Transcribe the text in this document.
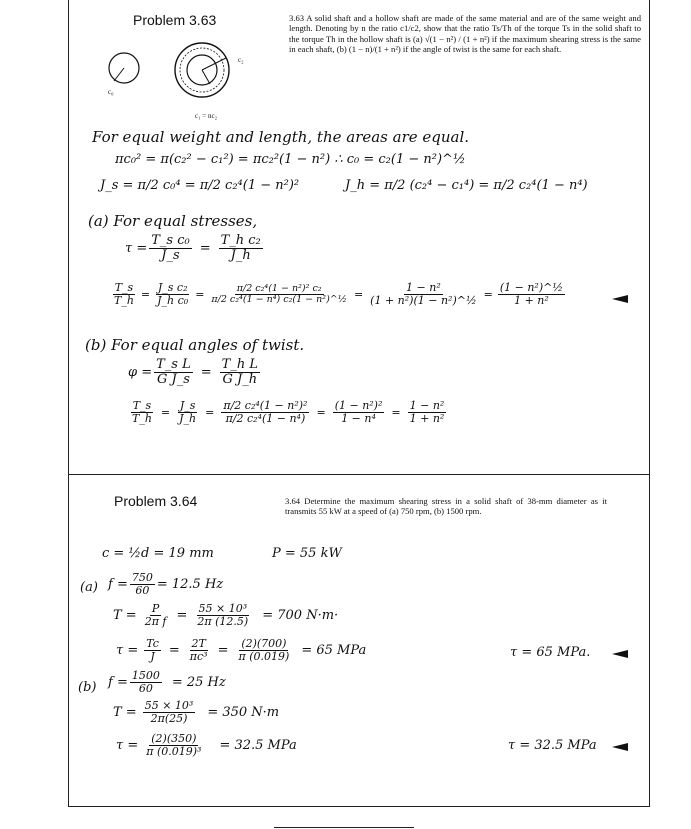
Problem 3.63	3.63 A solid shaft and a hollow shaft are made of the same material and are of the same weight and length. Denoting by n the ratio c1/c2, show that the ratio Ts/Th of the torque Ts in the solid shaft to the torque Th in the hollow shaft is (a) √(1 − n²) / (1 + n²) if the maximum shearing stress is the same in each shaft, (b) (1 − n)/(1 + n²) if the angle of twist is the same for each shaft.
c₀
c₂
c₁ = nc₂
For equal weight and length, the areas are equal.
πc₀² = π(c₂² − c₁²) = πc₂²(1 − n²) ∴ c₀ = c₂(1 − n²)^½
J_s = π/2 c₀⁴ = π/2 c₂⁴(1 − n²)²	J_h = π/2 (c₂⁴ − c₁⁴) = π/2 c₂⁴(1 − n⁴)
(a) For equal stresses,
$\tau = \frac{\text{T\_s c₀}}{J\_s} = \frac{\text{T\_h c₂}}{J\_h}$
$\frac{T\_s}{T\_h} = \frac{\text{J\_s c₂}}{\text{J\_h c₀}} = \frac{\text{π/2 c₂⁴(1 − n²)² c₂}}{\text{π/2 c₂⁴(1 − n⁴) c₂(1 − n²)\textasciicircum{}½}} = \frac{\text{1 − n²}}{\text{(1 + n²)(1 − n²)\textasciicircum{}½}} = \frac{\text{(1 − n²)\textasciicircum{}½}}{\text{1 + n²}}$
(b) For equal angles of twist.
$\varphi = \frac{\text{T\_s L}}{\text{G J\_s}} = \frac{\text{T\_h L}}{\text{G J\_h}}$
$\frac{T\_s}{T\_h} = \frac{J\_s}{J\_h} = \frac{\text{π/2 c₂⁴(1 − n²)²}}{\text{π/2 c₂⁴(1 − n⁴)}} = \frac{\text{(1 − n²)²}}{\text{1 − n⁴}} = \frac{\text{1 − n²}}{\text{1 + n²}}$
Problem 3.64	3.64 Determine the maximum shearing stress in a solid shaft of 38-mm diameter as it transmits 55 kW at a speed of (a) 750 rpm, (b) 1500 rpm.
c = ½d = 19 mm	P = 55 kW
(a) $f = \frac{750}{60} = 12.5$ Hz
$T = \frac{P}{\text{2π f}} = \frac{\text{55 × 10³}}{2\pi (12.5)} = 700$ N·m·
$\tau = \frac{Tc}{J} = \frac{2T}{\text{πc³}} = \frac{(2)(700)}{\pi (0.019)} = 65$ MPa	τ = 65 MPa.
(b) $f = \frac{1500}{60} = 25$ Hz
$T = \frac{\text{55 × 10³}}{2\pi(25)} = 350$ N·m
$\tau = \frac{(2)(350)}{\text{π (0.019)³}} = 32.5$ MPa	τ = 32.5 MPa
